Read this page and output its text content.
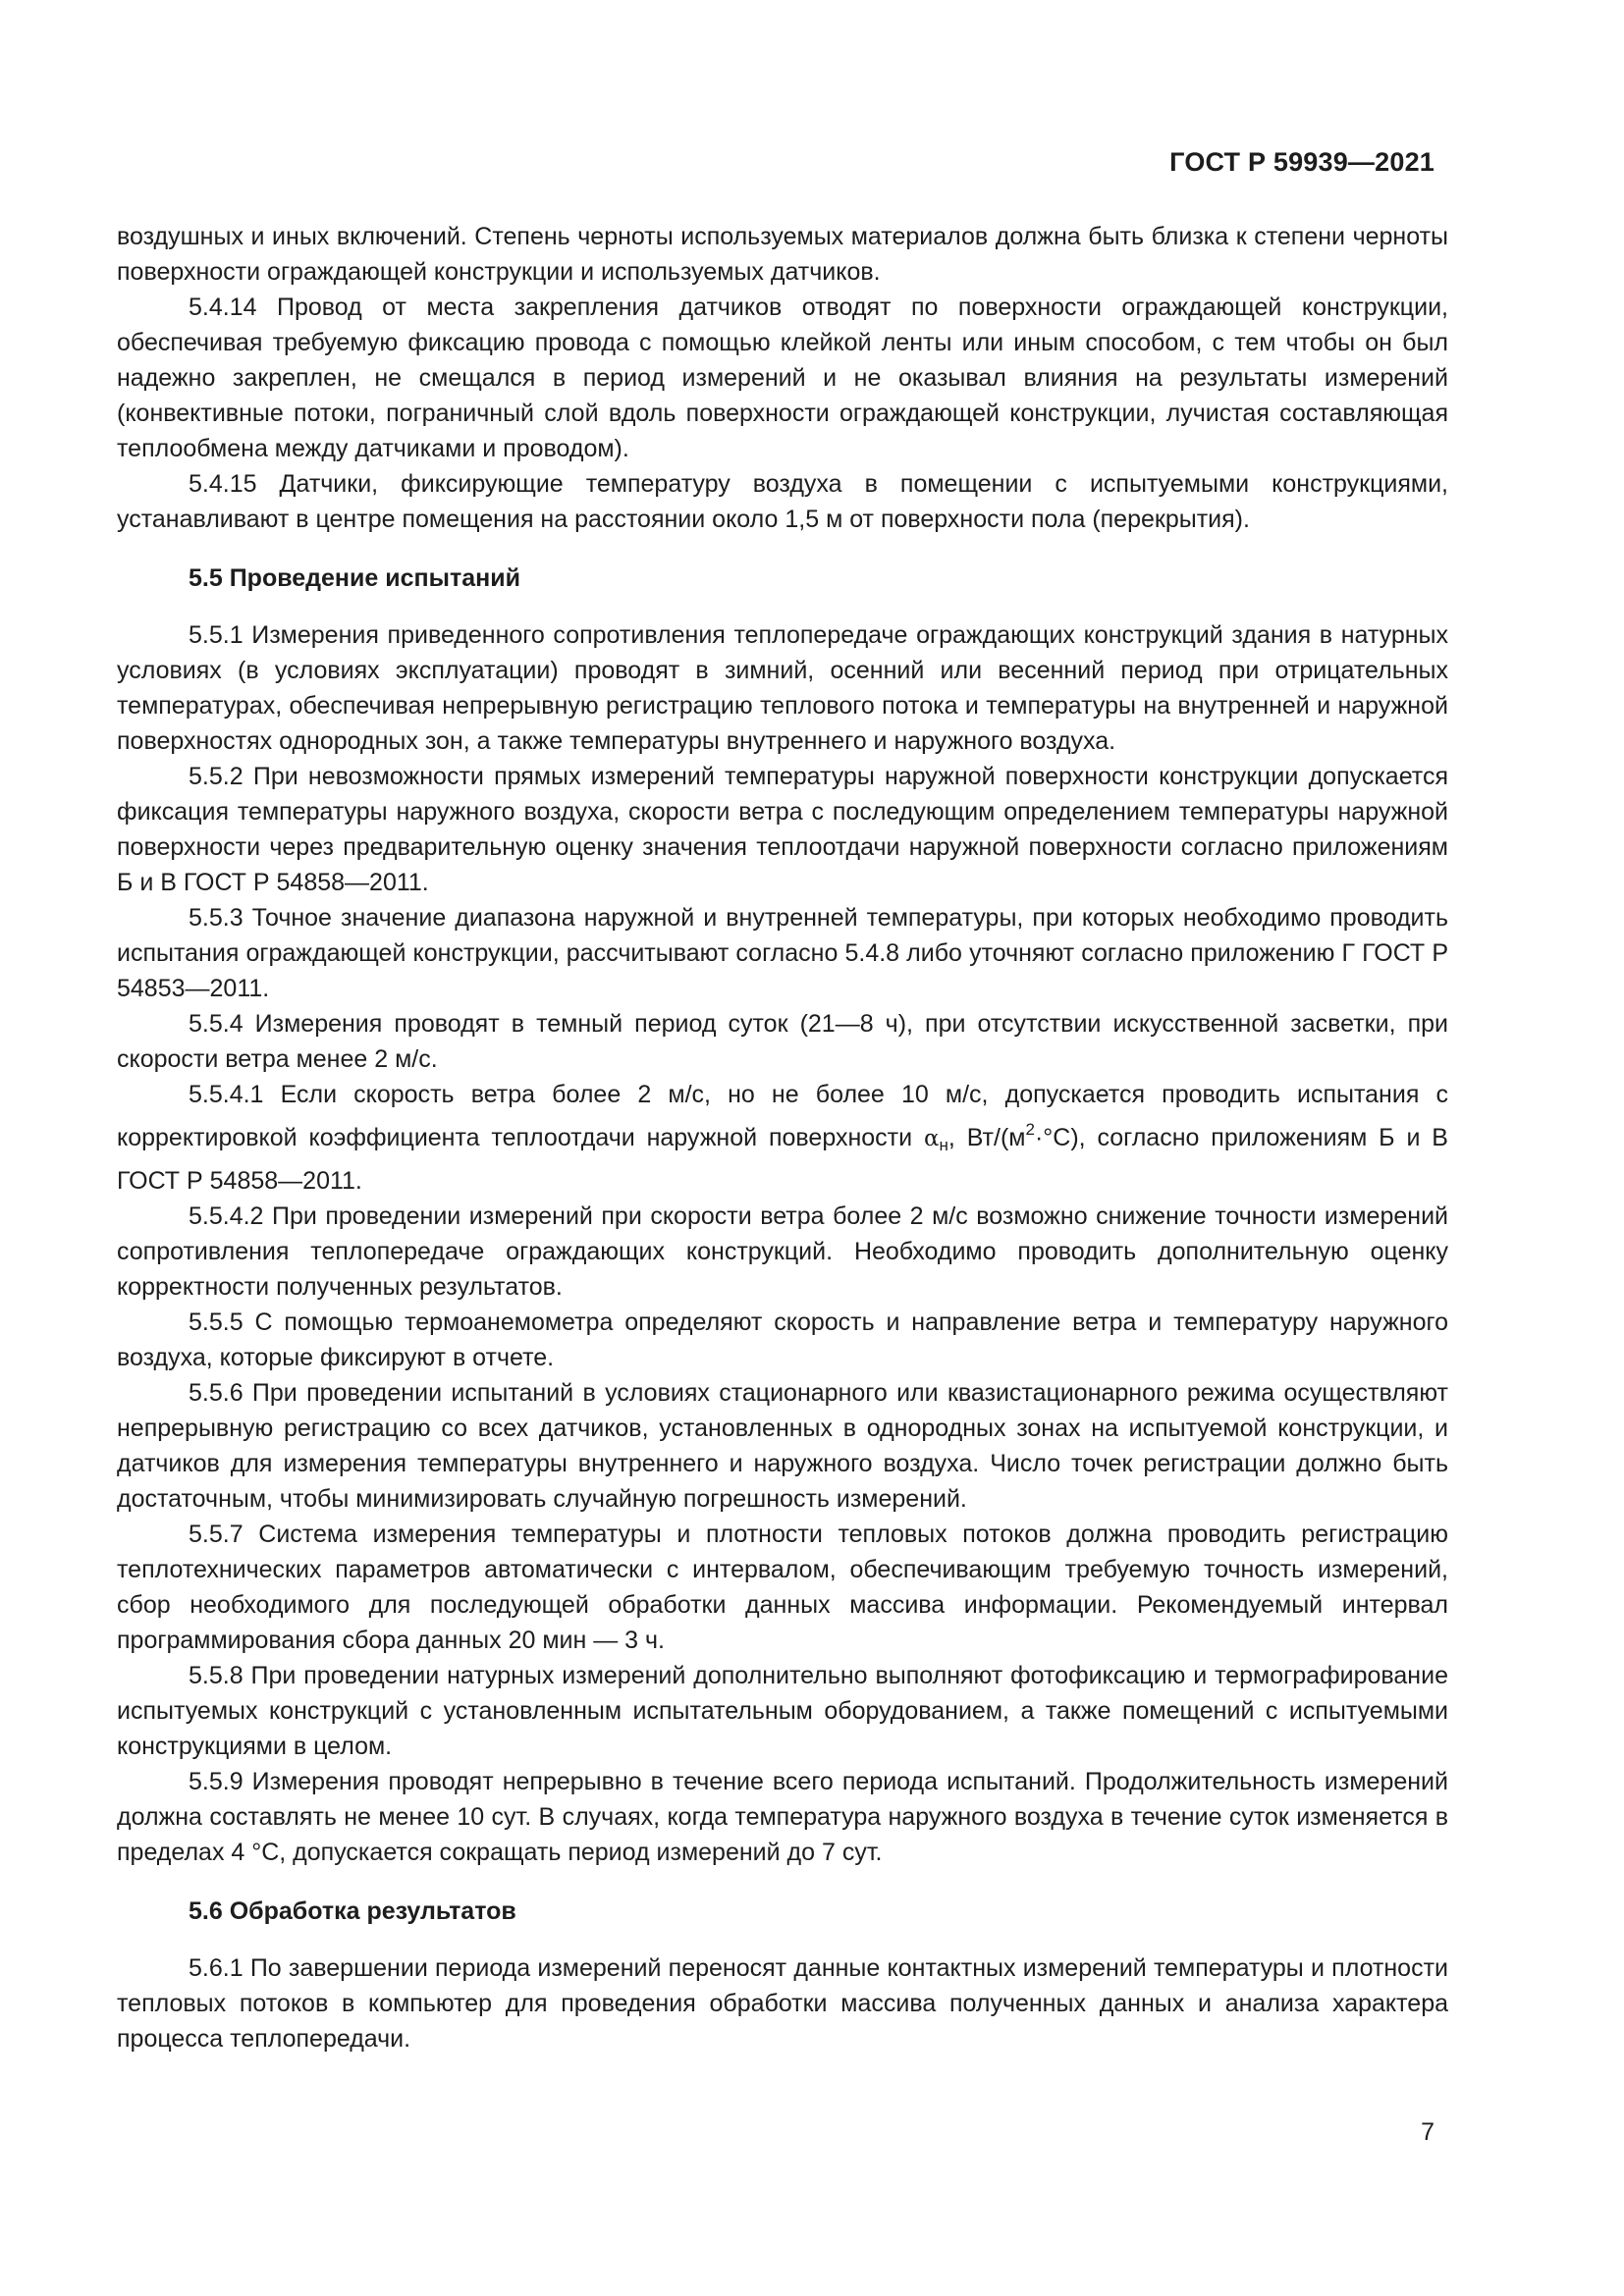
ГОСТ Р 59939—2021

воздушных и иных включений. Степень черноты используемых материалов должна быть близка к степени черноты поверхности ограждающей конструкции и используемых датчиков.

5.4.14 Провод от места закрепления датчиков отводят по поверхности ограждающей конструкции, обеспечивая требуемую фиксацию провода с помощью клейкой ленты или иным способом, с тем чтобы он был надежно закреплен, не смещался в период измерений и не оказывал влияния на результаты измерений (конвективные потоки, пограничный слой вдоль поверхности ограждающей конструкции, лучистая составляющая теплообмена между датчиками и проводом).

5.4.15 Датчики, фиксирующие температуру воздуха в помещении с испытуемыми конструкциями, устанавливают в центре помещения на расстоянии около 1,5 м от поверхности пола (перекрытия).

5.5 Проведение испытаний

5.5.1 Измерения приведенного сопротивления теплопередаче ограждающих конструкций здания в натурных условиях (в условиях эксплуатации) проводят в зимний, осенний или весенний период при отрицательных температурах, обеспечивая непрерывную регистрацию теплового потока и температуры на внутренней и наружной поверхностях однородных зон, а также температуры внутреннего и наружного воздуха.

5.5.2 При невозможности прямых измерений температуры наружной поверхности конструкции допускается фиксация температуры наружного воздуха, скорости ветра с последующим определением температуры наружной поверхности через предварительную оценку значения теплоотдачи наружной поверхности согласно приложениям Б и В ГОСТ Р 54858—2011.

5.5.3 Точное значение диапазона наружной и внутренней температуры, при которых необходимо проводить испытания ограждающей конструкции, рассчитывают согласно 5.4.8 либо уточняют согласно приложению Г ГОСТ Р 54853—2011.

5.5.4 Измерения проводят в темный период суток (21—8 ч), при отсутствии искусственной засветки, при скорости ветра менее 2 м/с.

5.5.4.1 Если скорость ветра более 2 м/с, но не более 10 м/с, допускается проводить испытания с корректировкой коэффициента теплоотдачи наружной поверхности $\alpha_н$, $Вт/(м^2\cdot^\circ С)$, согласно приложениям Б и В ГОСТ Р 54858—2011.

5.5.4.2 При проведении измерений при скорости ветра более 2 м/с возможно снижение точности измерений сопротивления теплопередаче ограждающих конструкций. Необходимо проводить дополнительную оценку корректности полученных результатов.

5.5.5 С помощью термоанемометра определяют скорость и направление ветра и температуру наружного воздуха, которые фиксируют в отчете.

5.5.6 При проведении испытаний в условиях стационарного или квазистационарного режима осуществляют непрерывную регистрацию со всех датчиков, установленных в однородных зонах на испытуемой конструкции, и датчиков для измерения температуры внутреннего и наружного воздуха. Число точек регистрации должно быть достаточным, чтобы минимизировать случайную погрешность измерений.

5.5.7 Система измерения температуры и плотности тепловых потоков должна проводить регистрацию теплотехнических параметров автоматически с интервалом, обеспечивающим требуемую точность измерений, сбор необходимого для последующей обработки данных массива информации. Рекомендуемый интервал программирования сбора данных 20 мин — 3 ч.

5.5.8 При проведении натурных измерений дополнительно выполняют фотофиксацию и термографирование испытуемых конструкций с установленным испытательным оборудованием, а также помещений с испытуемыми конструкциями в целом.

5.5.9 Измерения проводят непрерывно в течение всего периода испытаний. Продолжительность измерений должна составлять не менее 10 сут. В случаях, когда температура наружного воздуха в течение суток изменяется в пределах 4 °С, допускается сокращать период измерений до 7 сут.

5.6 Обработка результатов

5.6.1 По завершении периода измерений переносят данные контактных измерений температуры и плотности тепловых потоков в компьютер для проведения обработки массива полученных данных и анализа характера процесса теплопередачи.

7
